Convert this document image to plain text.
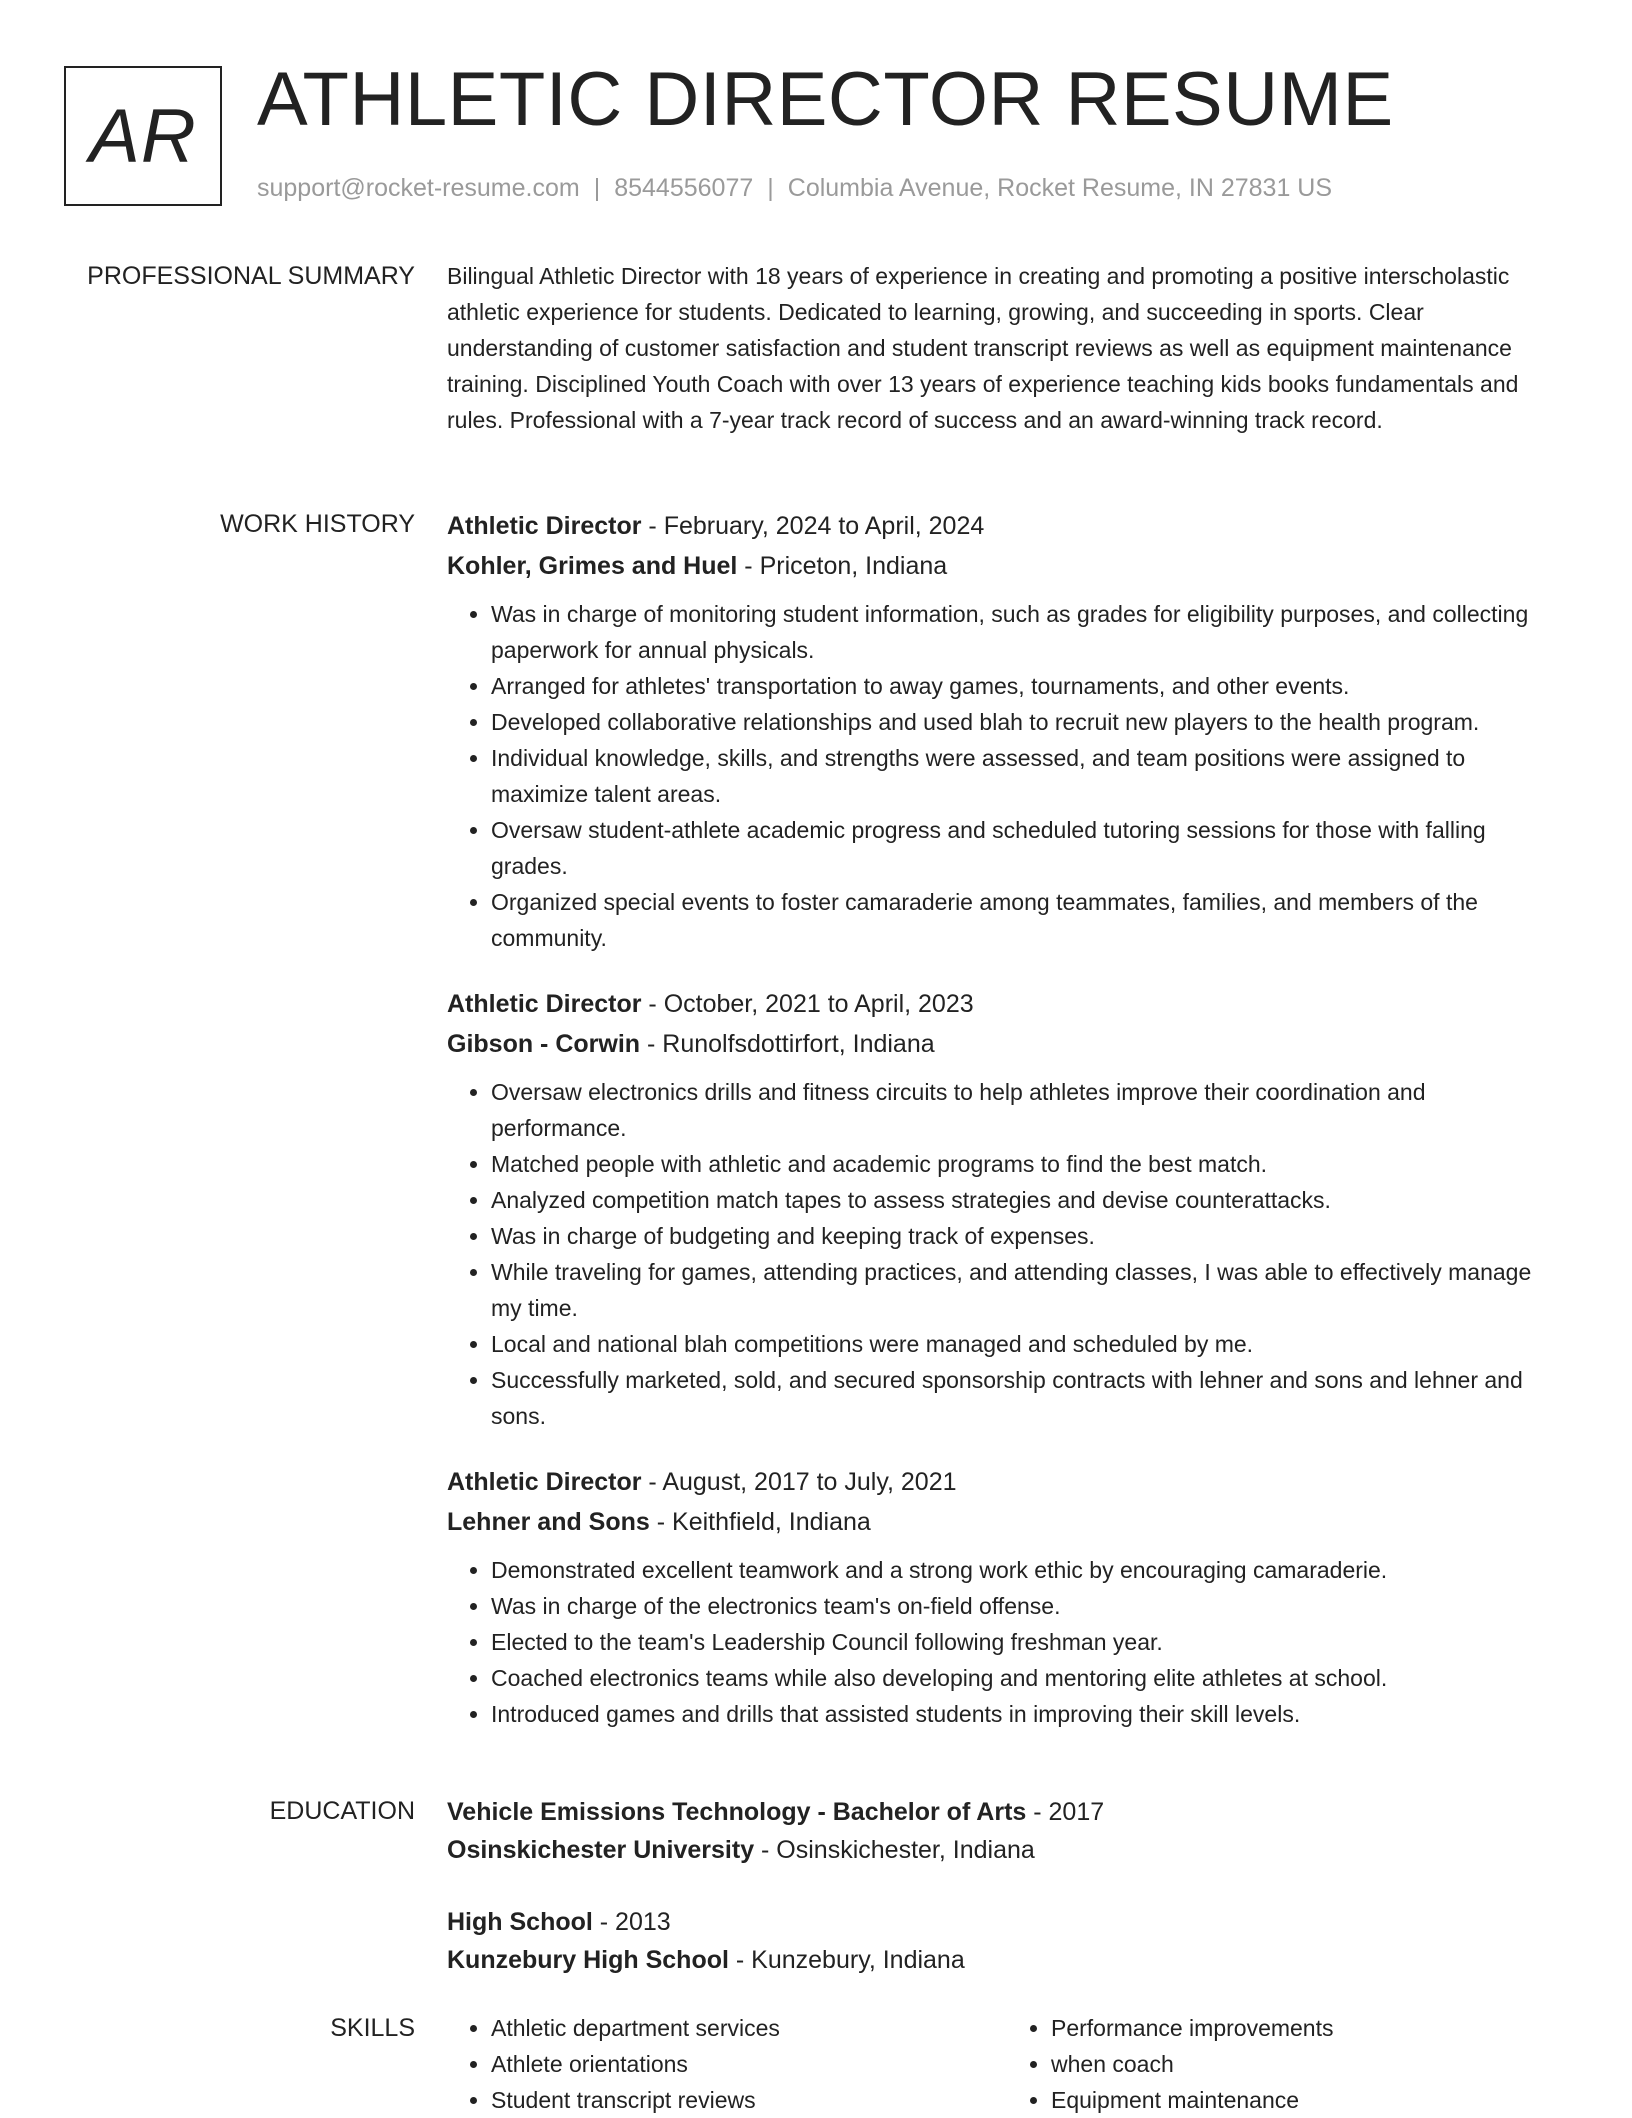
AR ATHLETIC DIRECTOR RESUME
support@rocket-resume.com | 8544556077 | Columbia Avenue, Rocket Resume, IN 27831 US
PROFESSIONAL SUMMARY Bilingual Athletic Director with 18 years of experience in creating and promoting a positive interscholastic athletic experience for students. Dedicated to learning, growing, and succeeding in sports. Clear understanding of customer satisfaction and student transcript reviews as well as equipment maintenance training. Disciplined Youth Coach with over 13 years of experience teaching kids books fundamentals and rules. Professional with a 7-year track record of success and an award-winning track record.

WORK HISTORY Athletic Director - February, 2024 to April, 2024
Kohler, Grimes and Huel - Priceton, Indiana
• Was in charge of monitoring student information, such as grades for eligibility purposes, and collecting paperwork for annual physicals.
• Arranged for athletes' transportation to away games, tournaments, and other events.
• Developed collaborative relationships and used blah to recruit new players to the health program.
• Individual knowledge, skills, and strengths were assessed, and team positions were assigned to maximize talent areas.
• Oversaw student-athlete academic progress and scheduled tutoring sessions for those with falling grades.
• Organized special events to foster camaraderie among teammates, families, and members of the community.
Athletic Director - October, 2021 to April, 2023
Gibson - Corwin - Runolfsdottirfort, Indiana
• Oversaw electronics drills and fitness circuits to help athletes improve their coordination and performance.
• Matched people with athletic and academic programs to find the best match.
• Analyzed competition match tapes to assess strategies and devise counterattacks.
• Was in charge of budgeting and keeping track of expenses.
• While traveling for games, attending practices, and attending classes, I was able to effectively manage my time.
• Local and national blah competitions were managed and scheduled by me.
• Successfully marketed, sold, and secured sponsorship contracts with lehner and sons and lehner and sons.
Athletic Director - August, 2017 to July, 2021
Lehner and Sons - Keithfield, Indiana
• Demonstrated excellent teamwork and a strong work ethic by encouraging camaraderie.
• Was in charge of the electronics team's on-field offense.
• Elected to the team's Leadership Council following freshman year.
• Coached electronics teams while also developing and mentoring elite athletes at school.
• Introduced games and drills that assisted students in improving their skill levels.
EDUCATION Vehicle Emissions Technology - Bachelor of Arts - 2017
Osinskichester University - Osinskichester, Indiana
High School - 2013
Kunzebury High School - Kunzebury, Indiana
SKILLS
•	Athletic department services
• Athlete orientations
• Student transcript reviews
• Performance improvements
• when coach
• Equipment maintenance
